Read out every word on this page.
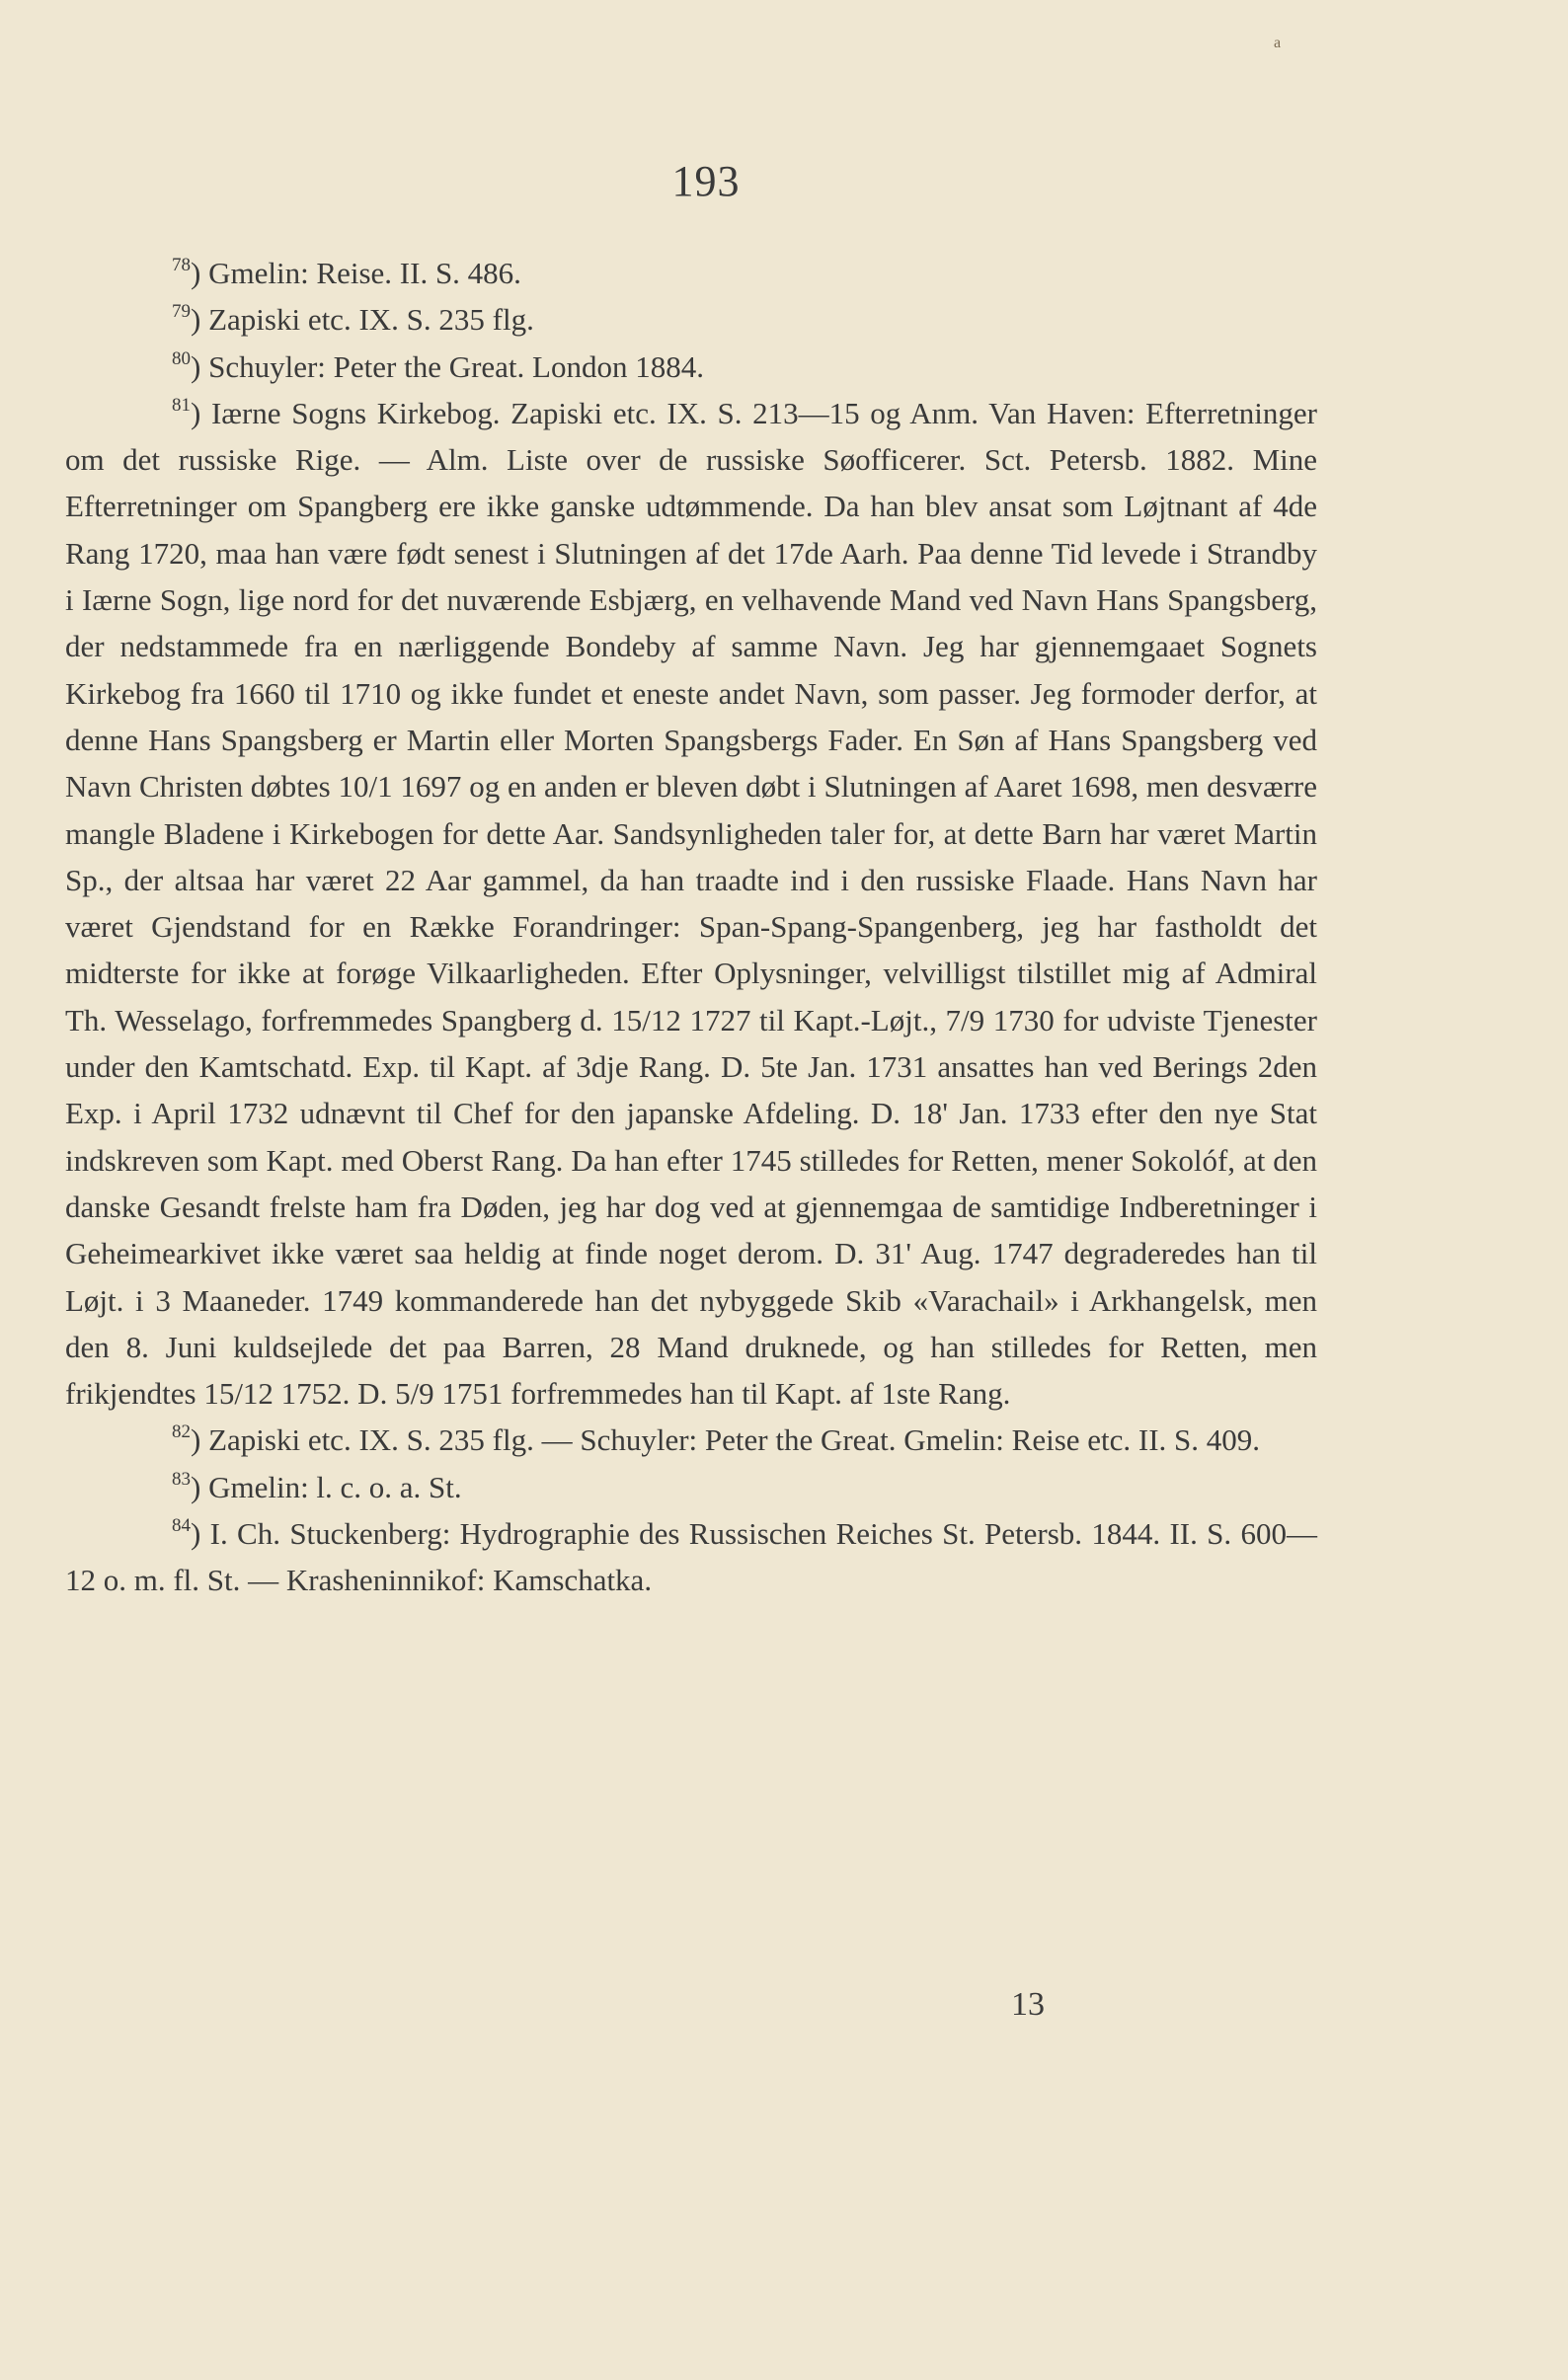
a
193

$^{78}$) Gmelin: Reise. II. S. 486.

$^{79}$) Zapiski etc. IX. S. 235 flg.

$^{80}$) Schuyler: Peter the Great. London 1884.

$^{81}$) Iærne Sogns Kirkebog. Zapiski etc. IX. S. 213—15 og Anm. Van Haven: Efterretninger om det russiske Rige. — Alm. Liste over de russiske Søofficerer. Sct. Petersb. 1882. Mine Efterretninger om Spangberg ere ikke ganske udtømmende. Da han blev ansat som Løjtnant af 4de Rang 1720, maa han være født senest i Slutningen af det 17de Aarh. Paa denne Tid levede i Strandby i Iærne Sogn, lige nord for det nuværende Esbjærg, en velhavende Mand ved Navn Hans Spangsberg, der nedstammede fra en nærliggende Bondeby af samme Navn. Jeg har gjennemgaaet Sognets Kirkebog fra 1660 til 1710 og ikke fundet et eneste andet Navn, som passer. Jeg formoder derfor, at denne Hans Spangsberg er Martin eller Morten Spangsbergs Fader. En Søn af Hans Spangsberg ved Navn Christen døbtes 10/1 1697 og en anden er bleven døbt i Slutningen af Aaret 1698, men desværre mangle Bladene i Kirkebogen for dette Aar. Sandsynligheden taler for, at dette Barn har været Martin Sp., der altsaa har været 22 Aar gammel, da han traadte ind i den russiske Flaade. Hans Navn har været Gjendstand for en Række Forandringer: Span-Spang-Spangenberg, jeg har fastholdt det midterste for ikke at forøge Vilkaarligheden. Efter Oplysninger, velvilligst tilstillet mig af Admiral Th. Wesselago, forfremmedes Spangberg d. 15/12 1727 til Kapt.-Løjt., 7/9 1730 for udviste Tjenester under den Kamtschatd. Exp. til Kapt. af 3dje Rang. D. 5te Jan. 1731 ansattes han ved Berings 2den Exp. i April 1732 udnævnt til Chef for den japanske Afdeling. D. 18' Jan. 1733 efter den nye Stat indskreven som Kapt. med Oberst Rang. Da han efter 1745 stilledes for Retten, mener Sokolóf, at den danske Gesandt frelste ham fra Døden, jeg har dog ved at gjennemgaa de samtidige Indberetninger i Geheimearkivet ikke været saa heldig at finde noget derom. D. 31' Aug. 1747 degraderedes han til Løjt. i 3 Maaneder. 1749 kommanderede han det nybyggede Skib «Varachail» i Arkhangelsk, men den 8. Juni kuldsejlede det paa Barren, 28 Mand druknede, og han stilledes for Retten, men frikjendtes 15/12 1752. D. 5/9 1751 forfremmedes han til Kapt. af 1ste Rang.

$^{82}$) Zapiski etc. IX. S. 235 flg. — Schuyler: Peter the Great. Gmelin: Reise etc. II. S. 409.

$^{83}$) Gmelin: l. c. o. a. St.

$^{84}$) I. Ch. Stuckenberg: Hydrographie des Russischen Reiches St. Petersb. 1844. II. S. 600—12 o. m. fl. St. — Krasheninnikof: Kamschatka.

13
